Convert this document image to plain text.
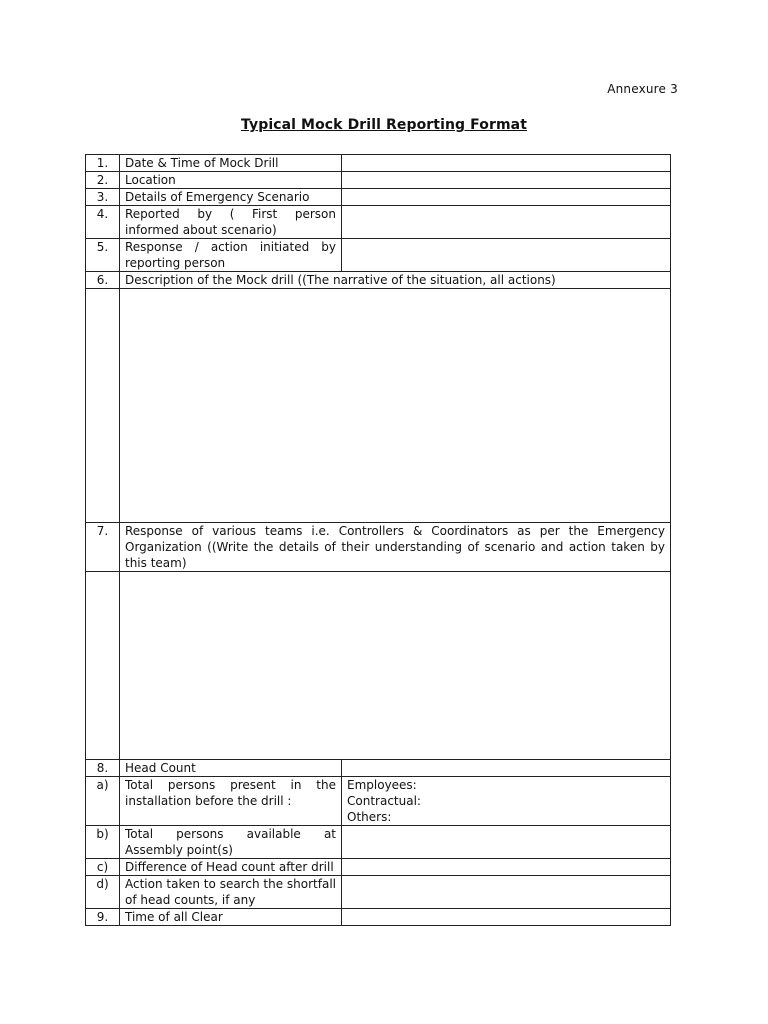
Annexure 3
Typical Mock Drill Reporting Format
1.	Date & Time of Mock Drill	
2.	Location	
3.	Details of Emergency Scenario	
4.	Reported by ( First person informed about scenario)	
5.	Response / action initiated by reporting person	
6.	Description of the Mock drill ((The narrative of the situation, all actions)	

7.	Response of various teams i.e. Controllers & Coordinators as per the Emergency Organization ((Write the details of their understanding of scenario and action taken by this team)	

8.	Head Count	
a)	Total persons present in the installation before the drill :	Employees:
Contractual:
Others:

b)	Total persons available at Assembly point(s)	
c)	Difference of Head count after drill	
d)	Action taken to search the shortfall of head counts, if any	
9.	Time of all Clear	
